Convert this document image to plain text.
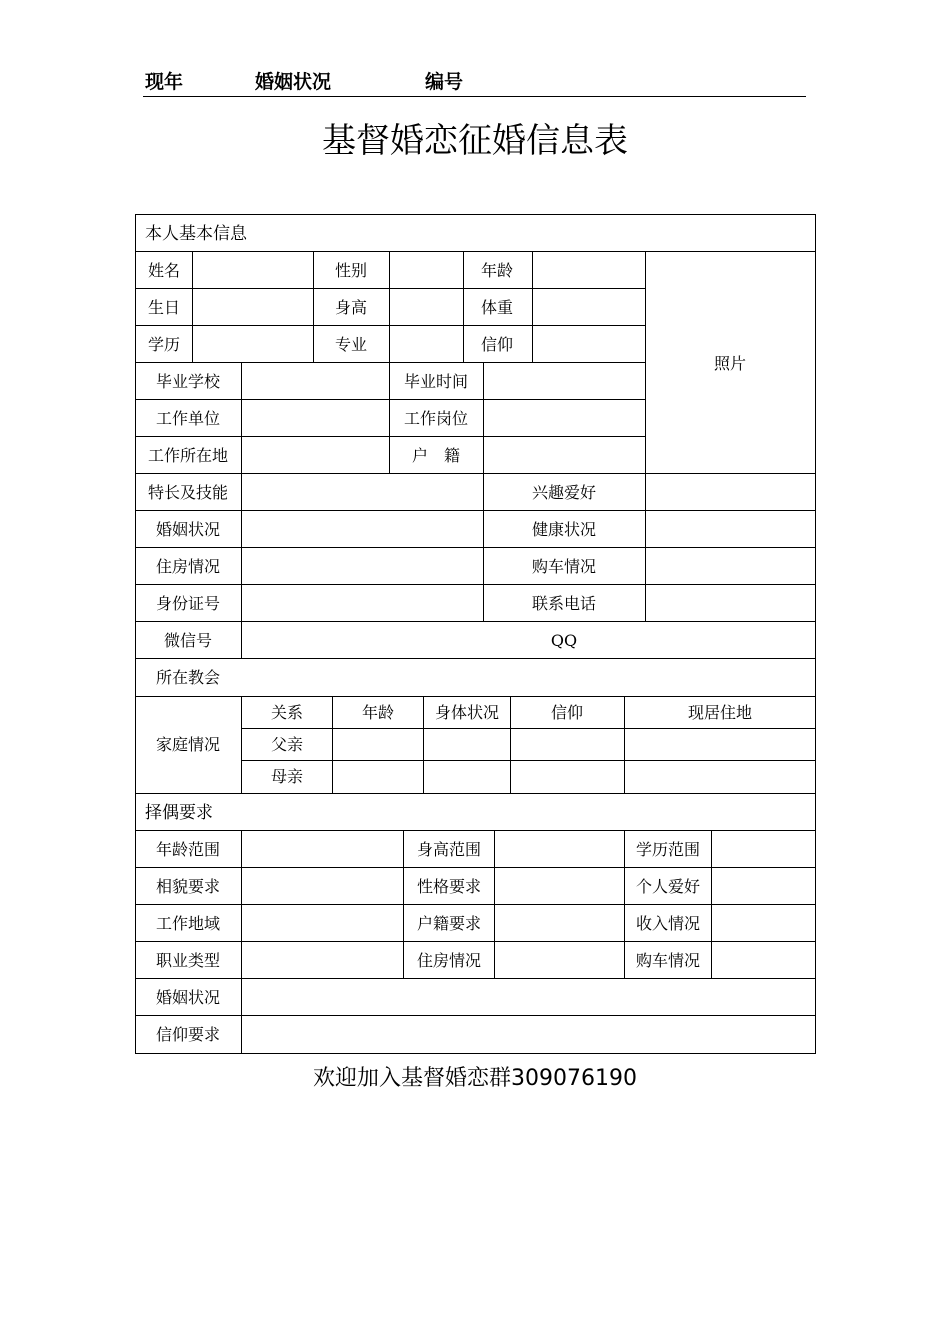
现年	婚姻状况	编号
基督婚恋征婚信息表
本人基本信息
姓名	性别	年龄
生日	身高	体重
学历	专业	信仰
照片
毕业学校	毕业时间
工作单位	工作岗位
工作所在地	户　籍
特长及技能	兴趣爱好
婚姻状况	健康状况
住房情况	购车情况
身份证号	联系电话
微信号	QQ
所在教会
家庭情况
关系	年龄	身体状况	信仰	现居住地
父亲
母亲
择偶要求
年龄范围	身高范围	学历范围
相貌要求	性格要求	个人爱好
工作地域	户籍要求	收入情况
职业类型	住房情况	购车情况
婚姻状况
信仰要求
欢迎加入基督婚恋群309076190
